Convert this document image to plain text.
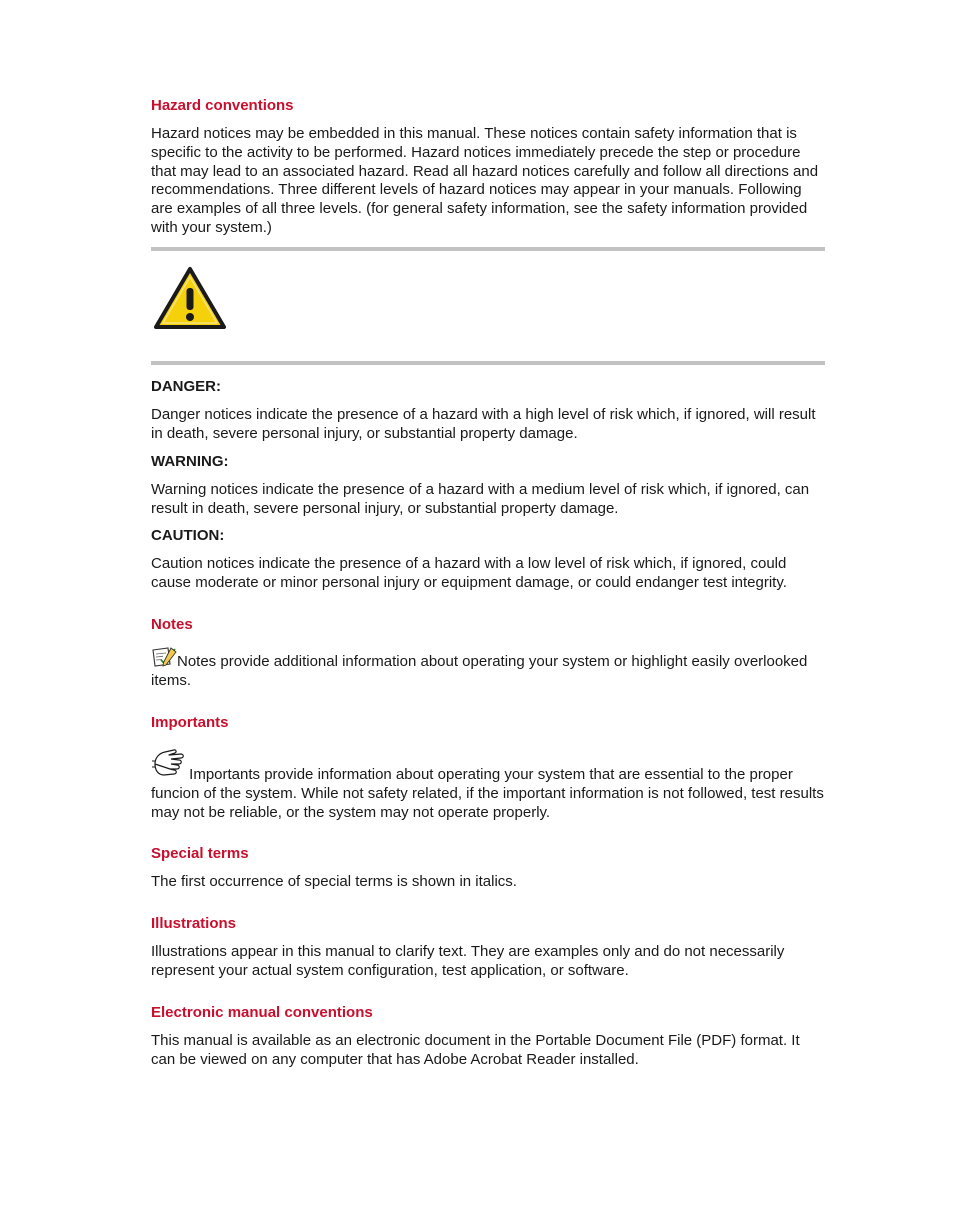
Hazard conventions

Hazard notices may be embedded in this manual. These notices contain safety information that is specific to the activity to be performed. Hazard notices immediately precede the step or procedure that may lead to an associated hazard. Read all hazard notices carefully and follow all directions and recommendations. Three different levels of hazard notices may appear in your manuals. Following are examples of all three levels. (for general safety information, see the safety information provided with your system.)

DANGER:

Danger notices indicate the presence of a hazard with a high level of risk which, if ignored, will result in death, severe personal injury, or substantial property damage.

WARNING:

Warning notices indicate the presence of a hazard with a medium level of risk which, if ignored, can result in death, severe personal injury, or substantial property damage.

CAUTION:

Caution notices indicate the presence of a hazard with a low level of risk which, if ignored, could cause moderate or minor personal injury or equipment damage, or could endanger test integrity.

Notes

Notes provide additional information about operating your system or highlight easily overlooked items.

Importants

Importants provide information about operating your system that are essential to the proper funcion of the system. While not safety related, if the important information is not followed, test results may not be reliable, or the system may not operate properly.

Special terms

The first occurrence of special terms is shown in italics.

Illustrations

Illustrations appear in this manual to clarify text. They are examples only and do not necessarily represent your actual system configuration, test application, or software.

Electronic manual conventions

This manual is available as an electronic document in the Portable Document File (PDF) format. It can be viewed on any computer that has Adobe Acrobat Reader installed.
